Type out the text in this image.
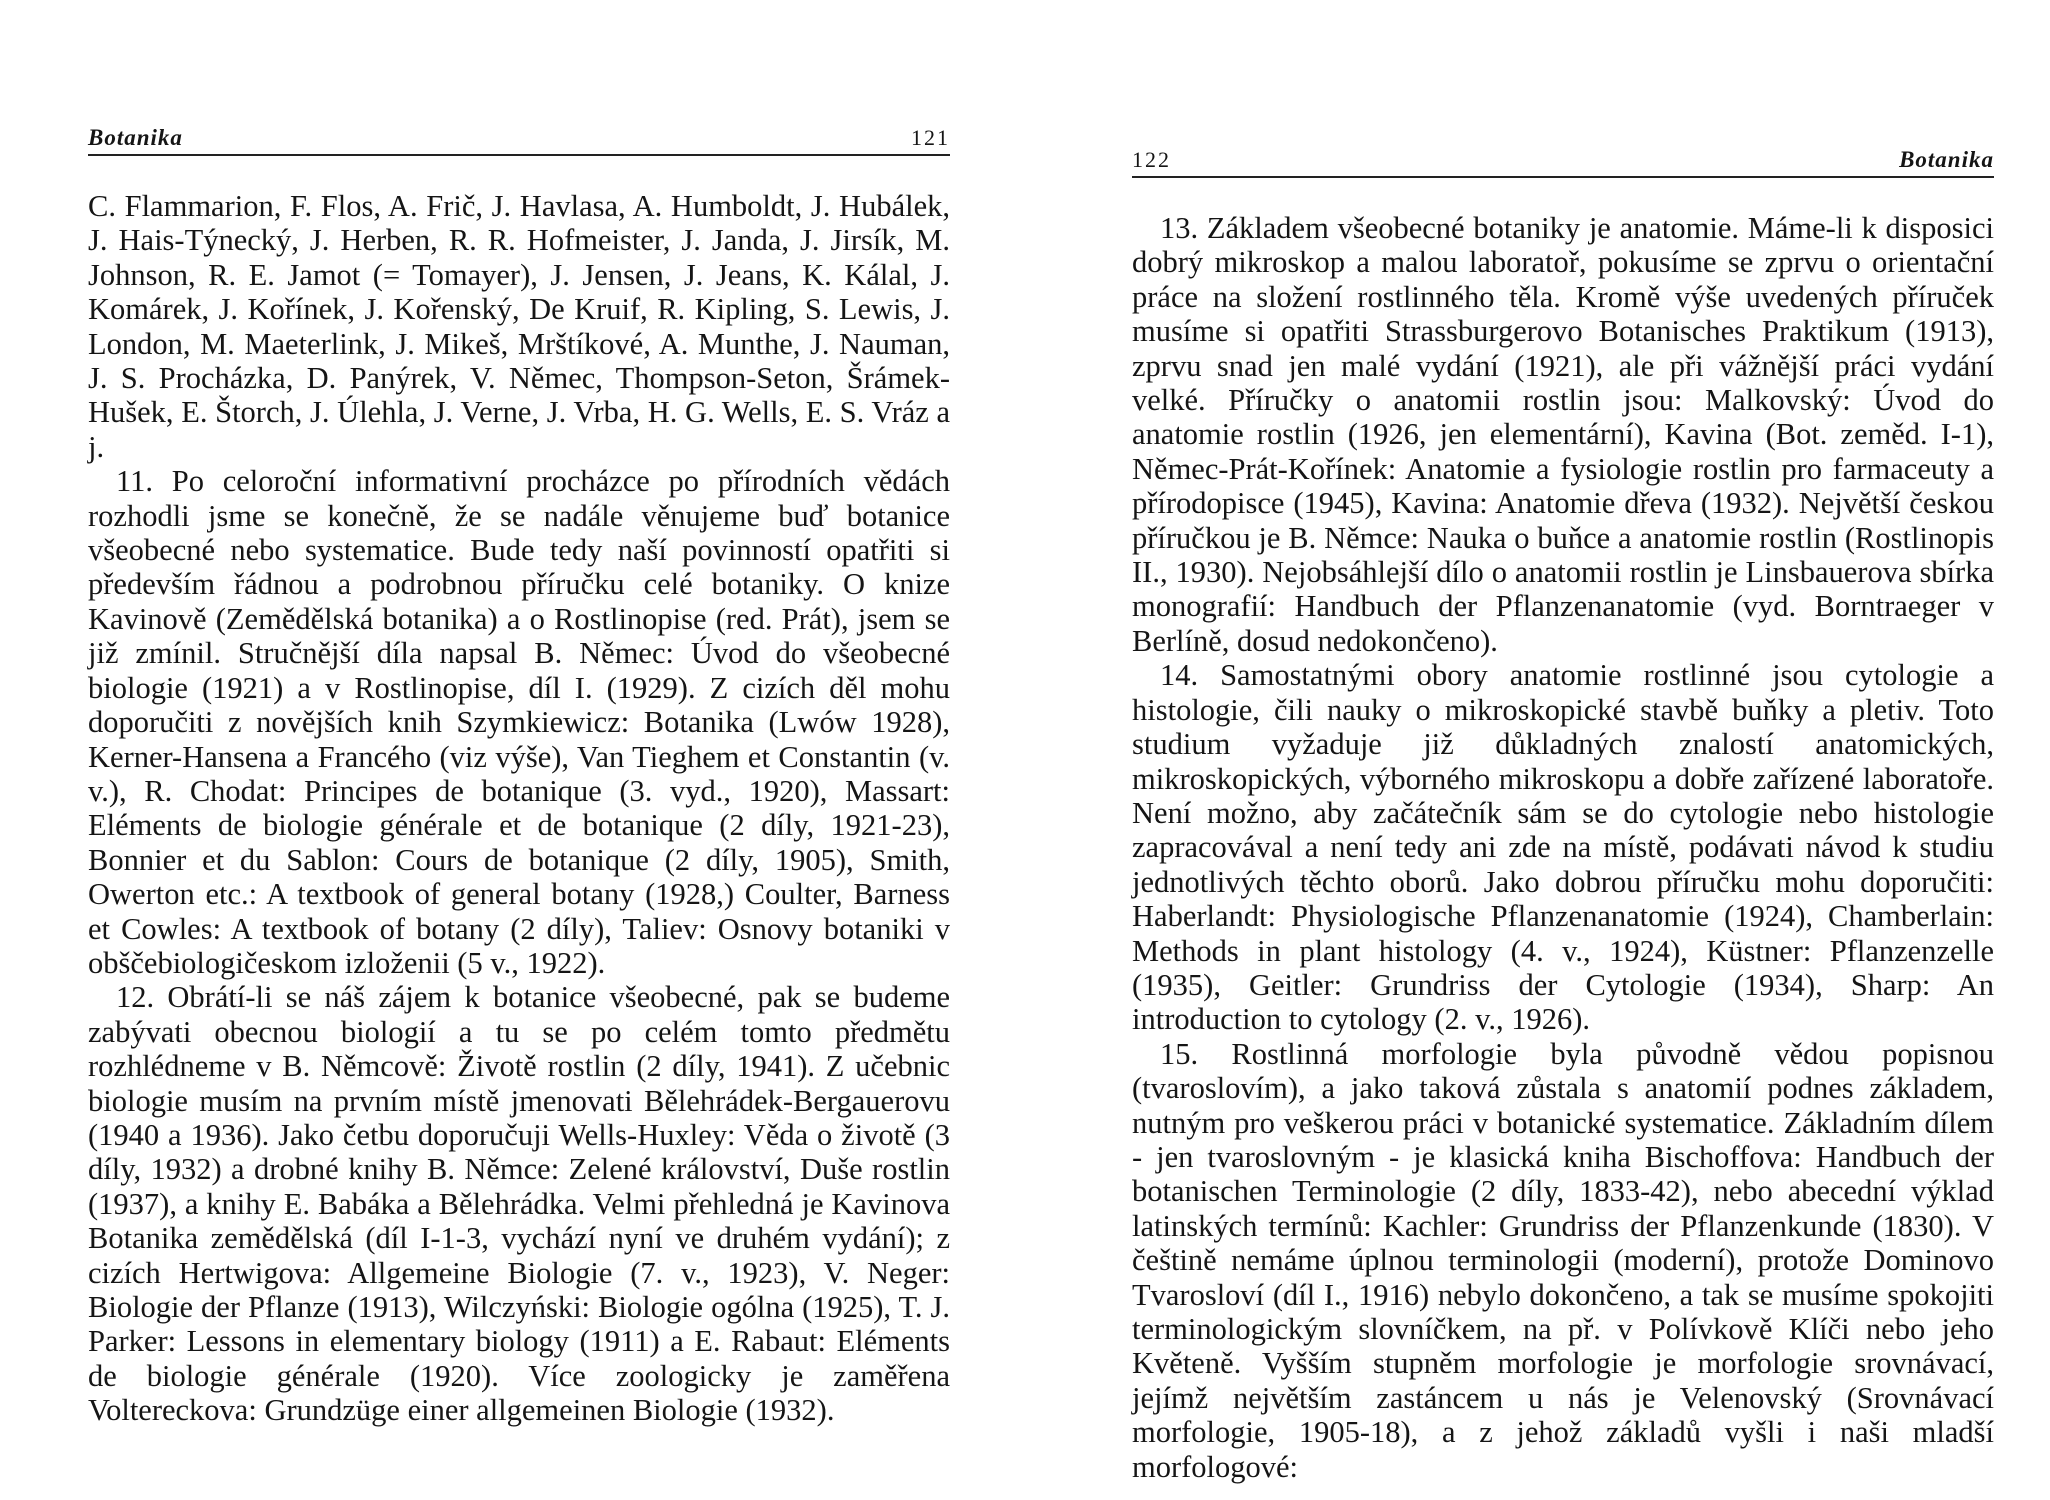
Botanika	121

C. Flammarion, F. Flos, A. Frič, J. Havlasa, A. Humboldt, J. Hubálek, J. Hais-Týnecký, J. Herben, R. R. Hofmeister, J. Janda, J. Jirsík, M. Johnson, R. E. Jamot (= Tomayer), J. Jensen, J. Jeans, K. Kálal, J. Komárek, J. Kořínek, J. Kořenský, De Kruif, R. Kipling, S. Lewis, J. London, M. Maeterlink, J. Mikeš, Mrštíkové, A. Munthe, J. Nauman, J. S. Procházka, D. Panýrek, V. Němec, Thompson-Seton, Šrámek-Hušek, E. Štorch, J. Úlehla, J. Verne, J. Vrba, H. G. Wells, E. S. Vráz a j.

11. Po celoroční informativní procházce po přírodních vědách rozhodli jsme se konečně, že se nadále věnujeme buď botanice všeobecné nebo systematice. Bude tedy naší povinností opatřiti si především řádnou a podrobnou příručku celé botaniky. O knize Kavinově (Zemědělská botanika) a o Rostlinopise (red. Prát), jsem se již zmínil. Stručnější díla napsal B. Němec: Úvod do všeobecné biologie (1921) a v Rostlinopise, díl I. (1929). Z cizích děl mohu doporučiti z novějších knih Szymkiewicz: Botanika (Lwów 1928), Kerner-Hansena a Francého (viz výše), Van Tieghem et Constantin (v. v.), R. Chodat: Principes de botanique (3. vyd., 1920), Massart: Eléments de biologie générale et de botanique (2 díly, 1921-23), Bonnier et du Sablon: Cours de botanique (2 díly, 1905), Smith, Owerton etc.: A textbook of general botany (1928,) Coulter, Barness et Cowles: A textbook of botany (2 díly), Taliev: Osnovy botaniki v obščebiologičeskom izloženii (5 v., 1922).

12. Obrátí-li se náš zájem k botanice všeobecné, pak se budeme zabývati obecnou biologií a tu se po celém tomto předmětu rozhlédneme v B. Němcově: Životě rostlin (2 díly, 1941). Z učebnic biologie musím na prvním místě jmenovati Bělehrádek-Bergauerovu (1940 a 1936). Jako četbu doporučuji Wells-Huxley: Věda o životě (3 díly, 1932) a drobné knihy B. Němce: Zelené království, Duše rostlin (1937), a knihy E. Babáka a Bělehrádka. Velmi přehledná je Kavinova Botanika zemědělská (díl I-1-3, vychází nyní ve druhém vydání); z cizích Hertwigova: Allgemeine Biologie (7. v., 1923), V. Neger: Biologie der Pflanze (1913), Wilczyński: Biologie ogólna (1925), T. J. Parker: Lessons in elementary biology (1911) a E. Rabaut: Eléments de biologie générale (1920). Více zoologicky je zaměřena Voltereckova: Grundzüge einer allgemeinen Biologie (1932).

122	Botanika

13. Základem všeobecné botaniky je anatomie. Máme-li k disposici dobrý mikroskop a malou laboratoř, pokusíme se zprvu o orientační práce na složení rostlinného těla. Kromě výše uvedených příruček musíme si opatřiti Strassburgerovo Botanisches Praktikum (1913), zprvu snad jen malé vydání (1921), ale při vážnější práci vydání velké. Příručky o anatomii rostlin jsou: Malkovský: Úvod do anatomie rostlin (1926, jen elementární), Kavina (Bot. zeměd. I-1), Němec-Prát-Kořínek: Anatomie a fysiologie rostlin pro farmaceuty a přírodopisce (1945), Kavina: Anatomie dřeva (1932). Největší českou příručkou je B. Němce: Nauka o buňce a anatomie rostlin (Rostlinopis II., 1930). Nejobsáhlejší dílo o anatomii rostlin je Linsbauerova sbírka monografií: Handbuch der Pflanzenanatomie (vyd. Borntraeger v Berlíně, dosud nedokončeno).

14. Samostatnými obory anatomie rostlinné jsou cytologie a histologie, čili nauky o mikroskopické stavbě buňky a pletiv. Toto studium vyžaduje již důkladných znalostí anatomických, mikroskopických, výborného mikroskopu a dobře zařízené laboratoře. Není možno, aby začátečník sám se do cytologie nebo histologie zapracovával a není tedy ani zde na místě, podávati návod k studiu jednotlivých těchto oborů. Jako dobrou příručku mohu doporučiti: Haberlandt: Physiologische Pflanzenanatomie (1924), Chamberlain: Methods in plant histology (4. v., 1924), Küstner: Pflanzenzelle (1935), Geitler: Grundriss der Cytologie (1934), Sharp: An introduction to cytology (2. v., 1926).

15. Rostlinná morfologie byla původně vědou popisnou (tvaroslovím), a jako taková zůstala s anatomií podnes základem, nutným pro veškerou práci v botanické systematice. Základním dílem - jen tvaroslovným - je klasická kniha Bischoffova: Handbuch der botanischen Terminologie (2 díly, 1833-42), nebo abecední výklad latinských termínů: Kachler: Grundriss der Pflanzenkunde (1830). V češtině nemáme úplnou terminologii (moderní), protože Dominovo Tvarosloví (díl I., 1916) nebylo dokončeno, a tak se musíme spokojiti terminologickým slovníčkem, na př. v Polívkově Klíči nebo jeho Květeně. Vyšším stupněm morfologie je morfologie srovnávací, jejímž největším zastáncem u nás je Velenovský (Srovnávací morfologie, 1905-18), a z jehož základů vyšli i naši mladší morfologové:
